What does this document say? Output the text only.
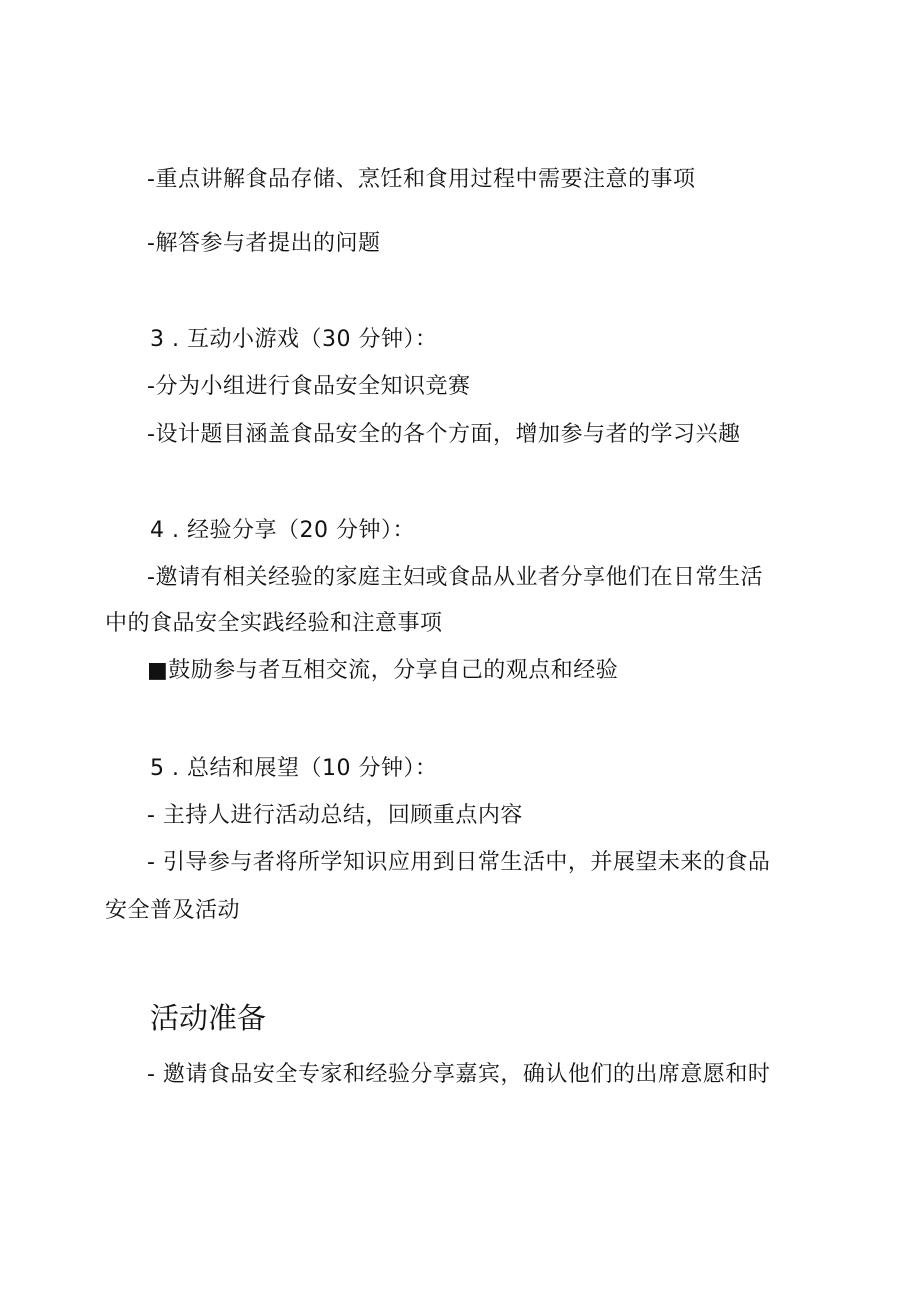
-重点讲解食品存储、烹饪和食用过程中需要注意的事项
-解答参与者提出的问题
3 . 互动小游戏（30 分钟）：
-分为小组进行食品安全知识竞赛
-设计题目涵盖食品安全的各个方面，增加参与者的学习兴趣
4 . 经验分享（20 分钟）：
-邀请有相关经验的家庭主妇或食品从业者分享他们在日常生活
中的食品安全实践经验和注意事项
■鼓励参与者互相交流，分享自己的观点和经验
5 . 总结和展望（10 分钟）：
- 主持人进行活动总结，回顾重点内容
- 引导参与者将所学知识应用到日常生活中，并展望未来的食品
安全普及活动
活动准备
- 邀请食品安全专家和经验分享嘉宾，确认他们的出席意愿和时
